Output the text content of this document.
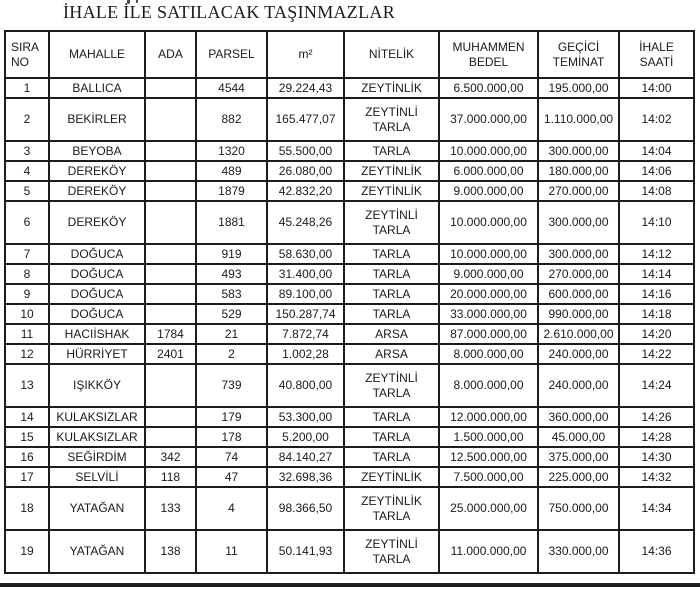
İHALE İLE SATILACAK TAŞINMAZLAR
SIRA NO	MAHALLE	ADA	PARSEL	m²	NİTELİK	MUHAMMEN BEDEL	GEÇİCİ TEMİNAT	İHALE SAATİ
1	BALLICA		4544	29.224,43	ZEYTİNLİK	6.500.000,00	195.000,00	14:00
2	BEKİRLER		882	165.477,07	ZEYTİNLİ TARLA	37.000.000,00	1.110.000,00	14:02
3	BEYOBA		1320	55.500,00	TARLA	10.000.000,00	300.000,00	14:04
4	DEREKÖY		489	26.080,00	ZEYTİNLİK	6.000.000,00	180.000,00	14:06
5	DEREKÖY		1879	42.832,20	ZEYTİNLİK	9.000.000,00	270.000,00	14:08
6	DEREKÖY		1881	45.248,26	ZEYTİNLİ TARLA	10.000.000,00	300.000,00	14:10
7	DOĞUCA		919	58.630,00	TARLA	10.000.000,00	300.000,00	14:12
8	DOĞUCA		493	31.400,00	TARLA	9.000.000,00	270.000,00	14:14
9	DOĞUCA		583	89.100,00	TARLA	20.000.000,00	600.000,00	14:16
10	DOĞUCA		529	150.287,74	TARLA	33.000.000,00	990.000,00	14:18
11	HACIİSHAK	1784	21	7.872,74	ARSA	87.000.000,00	2.610.000,00	14:20
12	HÜRRİYET	2401	2	1.002,28	ARSA	8.000.000,00	240.000,00	14:22
13	IŞIKKÖY		739	40.800,00	ZEYTİNLİ TARLA	8.000.000,00	240.000,00	14:24
14	KULAKSIZLAR		179	53.300,00	TARLA	12.000.000,00	360.000,00	14:26
15	KULAKSIZLAR		178	5.200,00	TARLA	1.500.000,00	45.000,00	14:28
16	SEĞİRDİM	342	74	84.140,27	TARLA	12.500.000,00	375.000,00	14:30
17	SELVİLİ	118	47	32.698,36	ZEYTİNLİK	7.500.000,00	225.000,00	14:32
18	YATAĞAN	133	4	98.366,50	ZEYTİNLİK TARLA	25.000.000,00	750.000,00	14:34
19	YATAĞAN	138	11	50.141,93	ZEYTİNLİ TARLA	11.000.000,00	330.000,00	14:36
